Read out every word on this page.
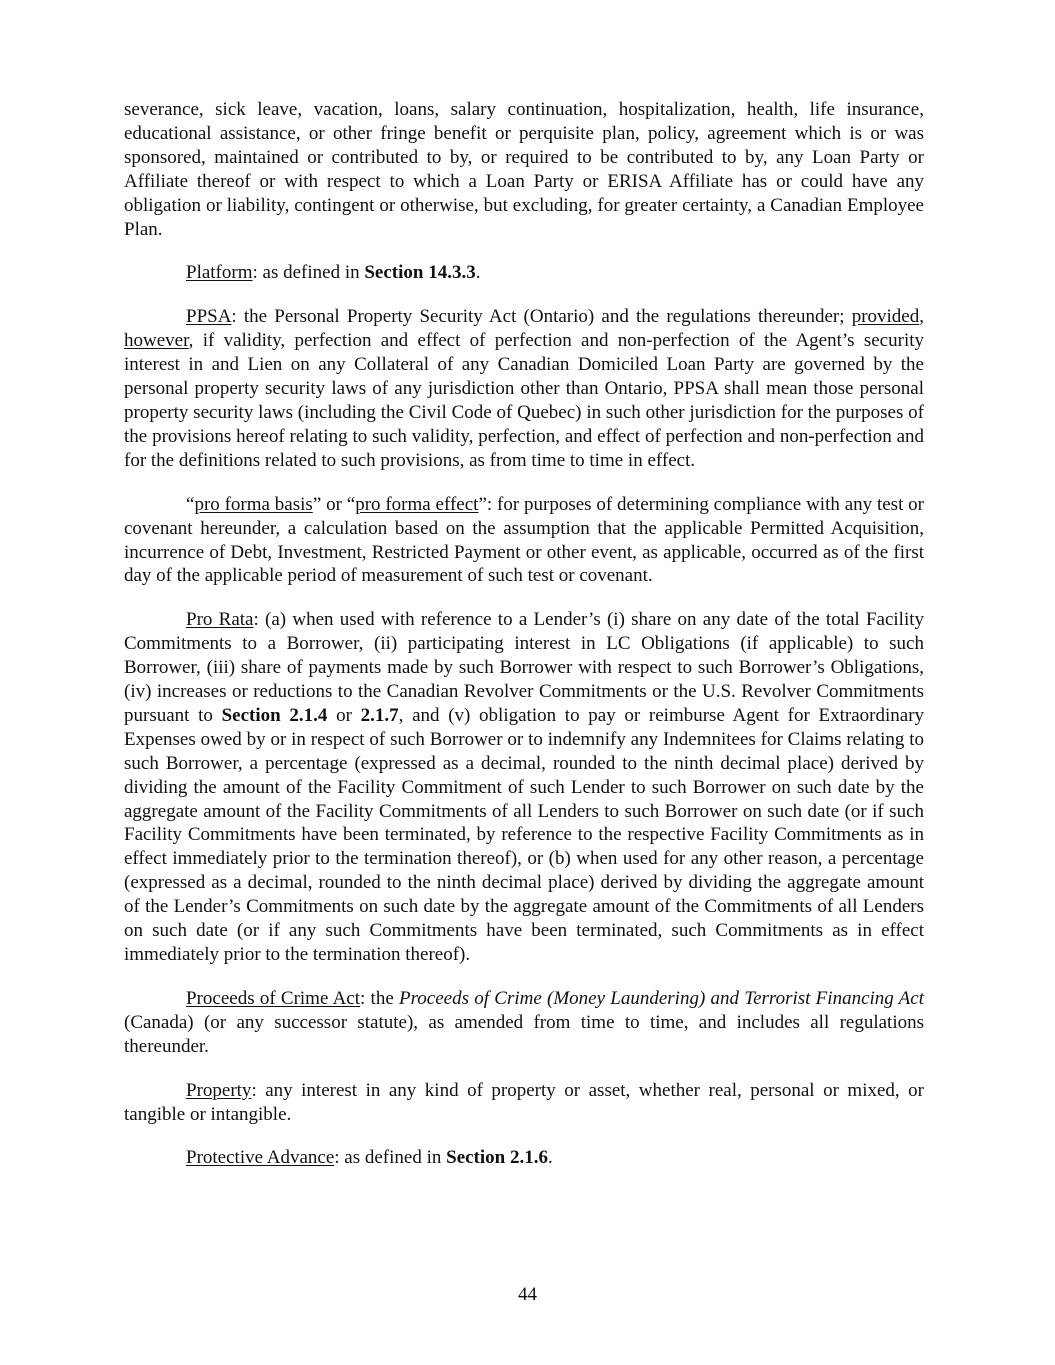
severance, sick leave, vacation, loans, salary continuation, hospitalization, health, life insurance, educational assistance, or other fringe benefit or perquisite plan, policy, agreement which is or was sponsored, maintained or contributed to by, or required to be contributed to by, any Loan Party or Affiliate thereof or with respect to which a Loan Party or ERISA Affiliate has or could have any obligation or liability, contingent or otherwise, but excluding, for greater certainty, a Canadian Employee Plan.

Platform: as defined in Section 14.3.3.

PPSA: the Personal Property Security Act (Ontario) and the regulations thereunder; provided, however, if validity, perfection and effect of perfection and non-perfection of the Agent’s security interest in and Lien on any Collateral of any Canadian Domiciled Loan Party are governed by the personal property security laws of any jurisdiction other than Ontario, PPSA shall mean those personal property security laws (including the Civil Code of Quebec) in such other jurisdiction for the purposes of the provisions hereof relating to such validity, perfection, and effect of perfection and non-perfection and for the definitions related to such provisions, as from time to time in effect.

“pro forma basis” or “pro forma effect”: for purposes of determining compliance with any test or covenant hereunder, a calculation based on the assumption that the applicable Permitted Acquisition, incurrence of Debt, Investment, Restricted Payment or other event, as applicable, occurred as of the first day of the applicable period of measurement of such test or covenant.

Pro Rata: (a) when used with reference to a Lender’s (i) share on any date of the total Facility Commitments to a Borrower, (ii) participating interest in LC Obligations (if applicable) to such Borrower, (iii) share of payments made by such Borrower with respect to such Borrower’s Obligations, (iv) increases or reductions to the Canadian Revolver Commitments or the U.S. Revolver Commitments pursuant to Section 2.1.4 or 2.1.7, and (v) obligation to pay or reimburse Agent for Extraordinary Expenses owed by or in respect of such Borrower or to indemnify any Indemnitees for Claims relating to such Borrower, a percentage (expressed as a decimal, rounded to the ninth decimal place) derived by dividing the amount of the Facility Commitment of such Lender to such Borrower on such date by the aggregate amount of the Facility Commitments of all Lenders to such Borrower on such date (or if such Facility Commitments have been terminated, by reference to the respective Facility Commitments as in effect immediately prior to the termination thereof), or (b) when used for any other reason, a percentage (expressed as a decimal, rounded to the ninth decimal place) derived by dividing the aggregate amount of the Lender’s Commitments on such date by the aggregate amount of the Commitments of all Lenders on such date (or if any such Commitments have been terminated, such Commitments as in effect immediately prior to the termination thereof).

Proceeds of Crime Act: the Proceeds of Crime (Money Laundering) and Terrorist Financing Act (Canada) (or any successor statute), as amended from time to time, and includes all regulations thereunder.

Property: any interest in any kind of property or asset, whether real, personal or mixed, or tangible or intangible.

Protective Advance: as defined in Section 2.1.6.

44
